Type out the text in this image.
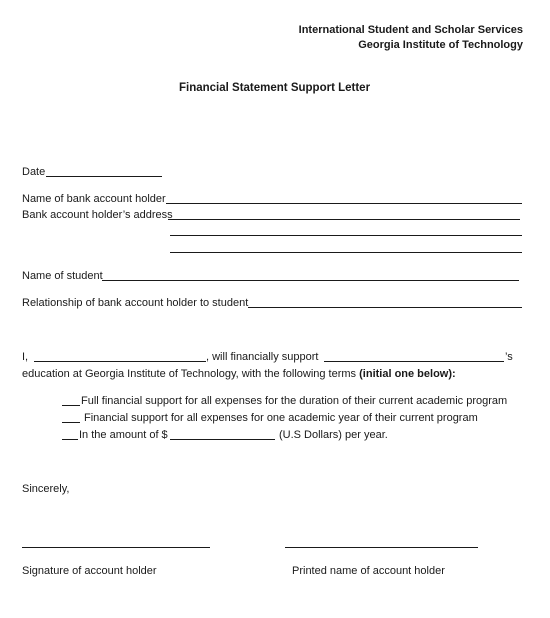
International Student and Scholar Services
Georgia Institute of Technology
Financial Statement Support Letter
Date
Name of bank account holder
Bank account holder’s address
Name of student
Relationship of bank account holder to student
I,	, will financially support	’s
education at Georgia Institute of Technology, with the following terms (initial one below):
Full financial support for all expenses for the duration of their current academic program
Financial support for all expenses for one academic year of their current program
In the amount of $	(U.S Dollars) per year.
Sincerely,
Signature of account holder	Printed name of account holder
